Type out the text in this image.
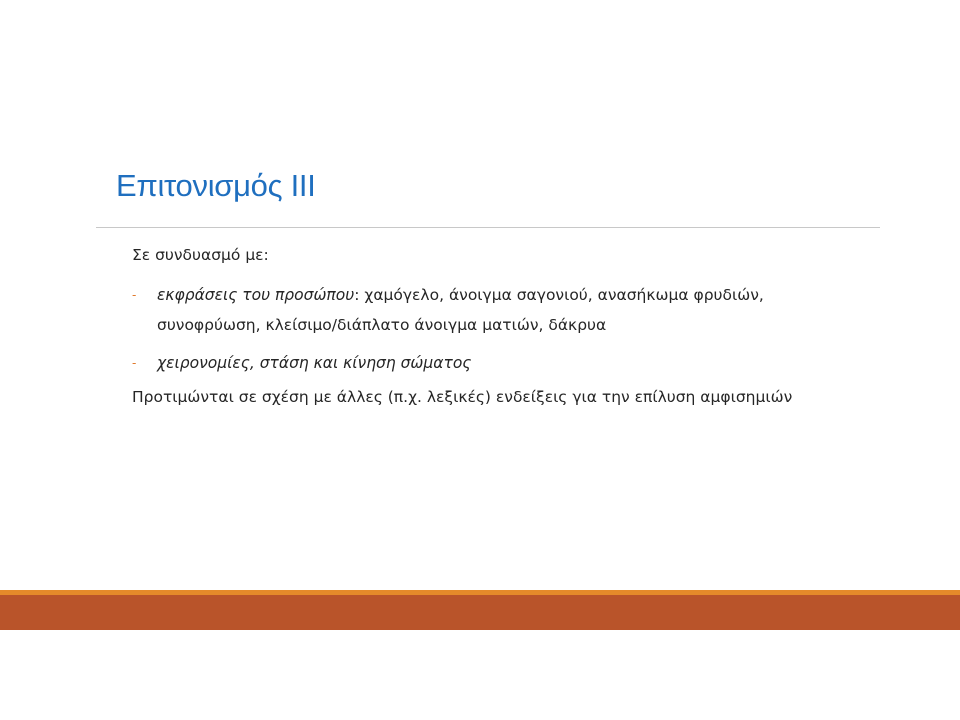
Επιτονισμός ΙΙΙ

Σε συνδυασμό με:

- εκφράσεις του προσώπου: χαμόγελο, άνοιγμα σαγονιού, ανασήκωμα φρυδιών, συνοφρύωση, κλείσιμο/διάπλατο άνοιγμα ματιών, δάκρυα
- χειρονομίες, στάση και κίνηση σώματος

Προτιμώνται σε σχέση με άλλες (π.χ. λεξικές) ενδείξεις για την επίλυση αμφισημιών
